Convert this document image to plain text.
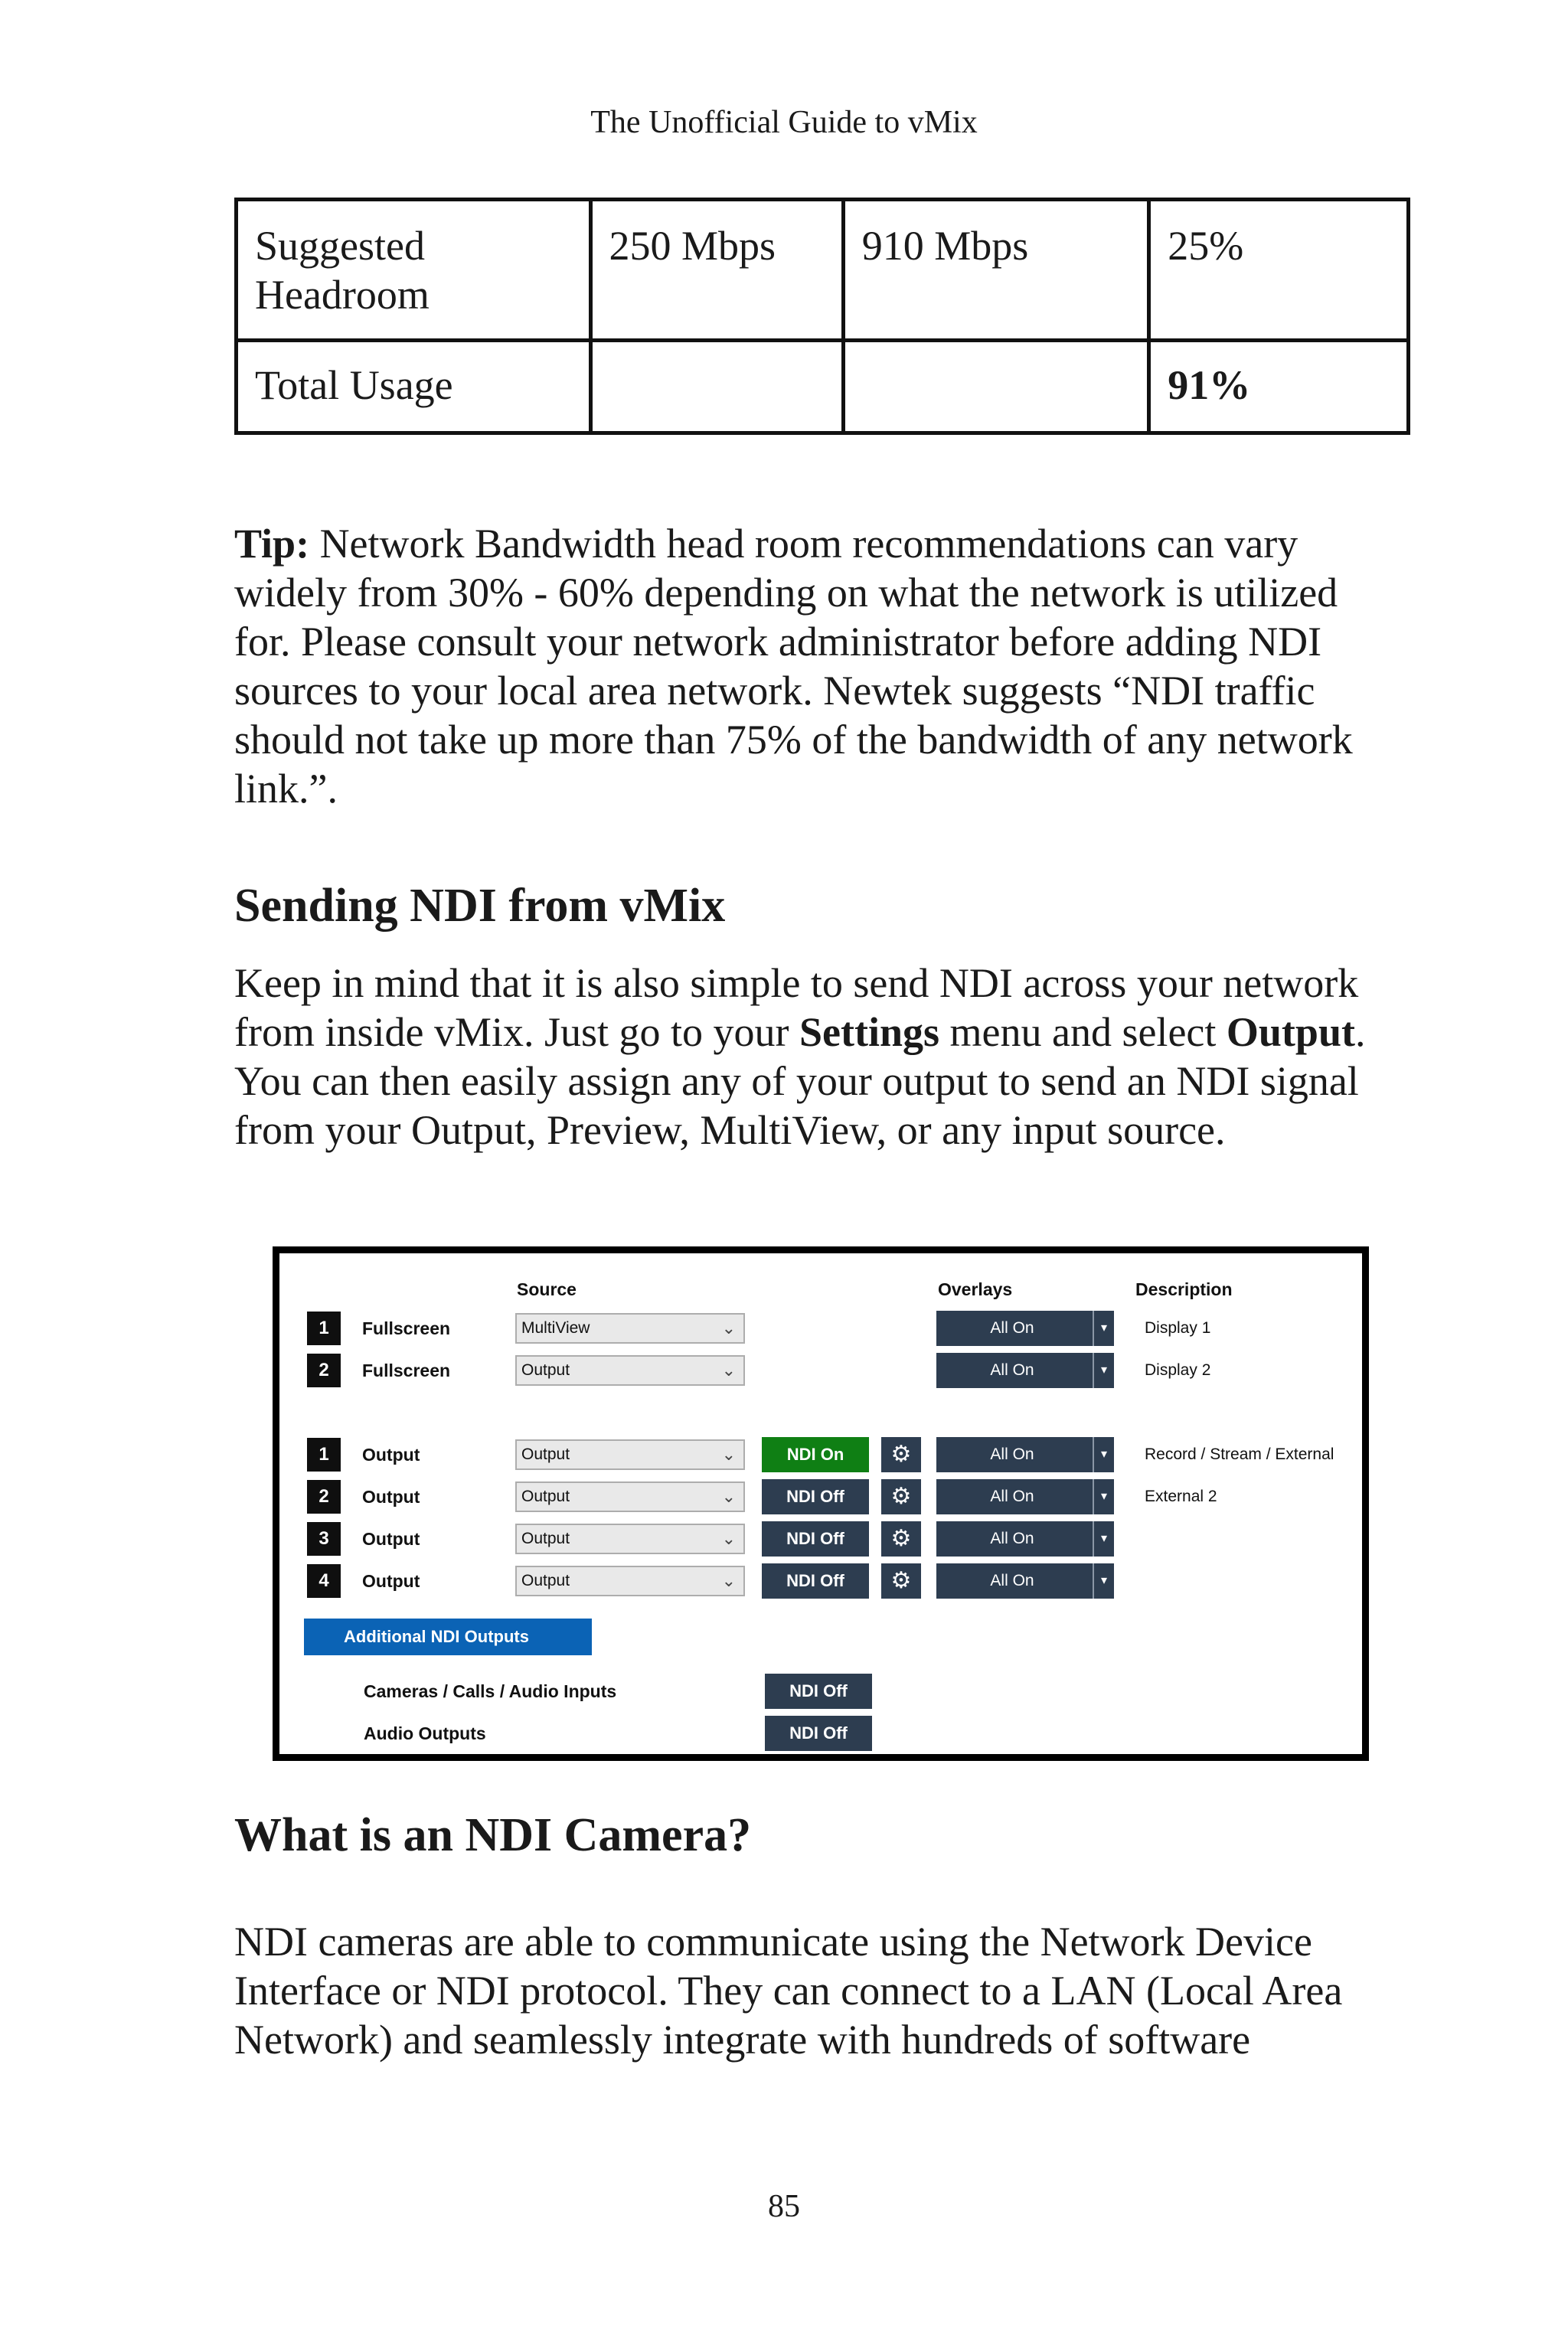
The Unofficial Guide to vMix
Suggested
Headroom	250 Mbps	910 Mbps	25%
Total Usage			91%

Tip: Network Bandwidth head room recommendations can vary
widely from 30% - 60% depending on what the network is utilized
for. Please consult your network administrator before adding NDI
sources to your local area network. Newtek suggests “NDI traffic
should not take up more than 75% of the bandwidth of any network
link.”.

Sending NDI from vMix

Keep in mind that it is also simple to send NDI across your network
from inside vMix. Just go to your Settings menu and select Output.
You can then easily assign any of your output to send an NDI signal
from your Output, Preview, MultiView, or any input source.

Source	Overlays	Description
1	Fullscreen	MultiView	⌄	All On	▾	Display 1
2	Fullscreen	Output	⌄	All On	▾	Display 2
1	Output	Output	⌄	NDI On	⚙	All On	▾	Record / Stream / External
2	Output	Output	⌄	NDI Off	⚙	All On	▾	External 2
3	Output	Output	⌄	NDI Off	⚙	All On	▾
4	Output	Output	⌄	NDI Off	⚙	All On	▾
Additional NDI Outputs
Cameras / Calls / Audio Inputs	NDI Off
Audio Outputs	NDI Off
What is an NDI Camera?

NDI cameras are able to communicate using the Network Device
Interface or NDI protocol. They can connect to a LAN (Local Area
Network) and seamlessly integrate with hundreds of software

85
